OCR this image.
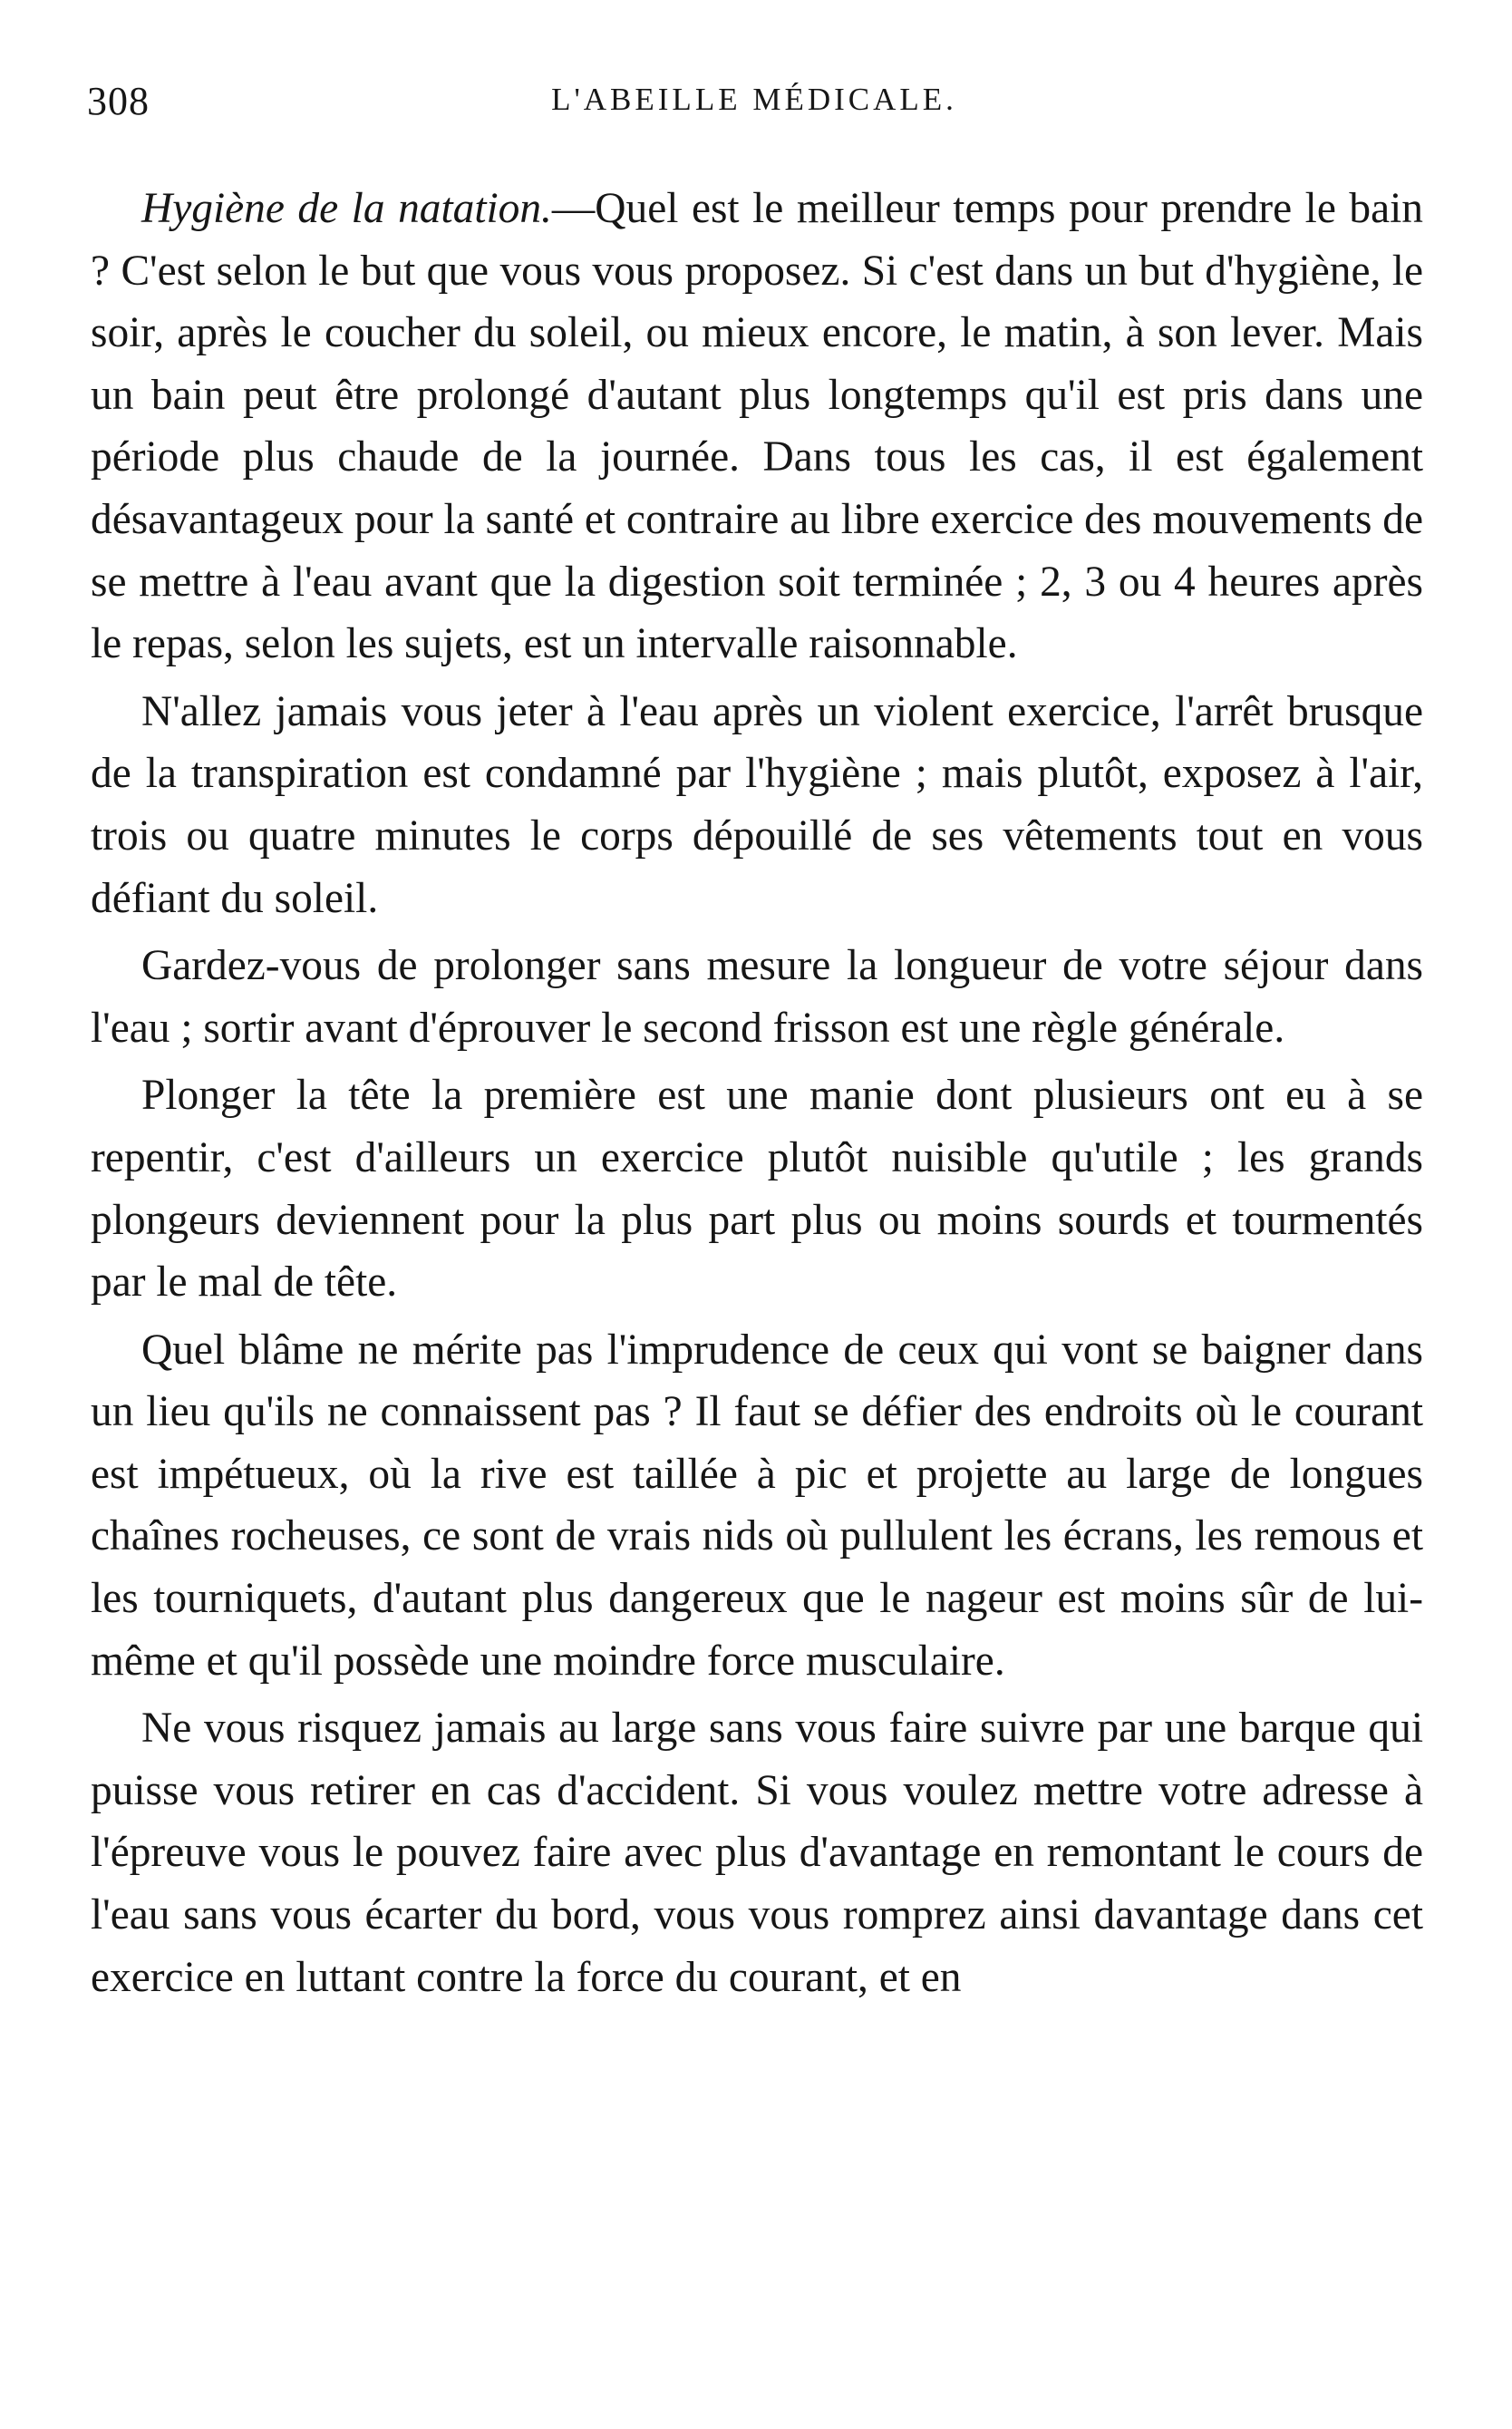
308	L'ABEILLE MÉDICALE.

Hygiène de la natation.—Quel est le meilleur temps pour prendre le bain ? C'est selon le but que vous vous proposez. Si c'est dans un but d'hygiène, le soir, après le coucher du soleil, ou mieux encore, le matin, à son lever. Mais un bain peut être prolongé d'autant plus longtemps qu'il est pris dans une période plus chaude de la journée. Dans tous les cas, il est également désavantageux pour la santé et contraire au libre exercice des mouvements de se mettre à l'eau avant que la digestion soit terminée ; 2, 3 ou 4 heures après le repas, selon les sujets, est un intervalle raisonnable.

N'allez jamais vous jeter à l'eau après un violent exercice, l'arrêt brusque de la transpiration est condamné par l'hygiène ; mais plutôt, exposez à l'air, trois ou quatre minutes le corps dépouillé de ses vêtements tout en vous défiant du soleil.

Gardez-vous de prolonger sans mesure la longueur de votre séjour dans l'eau ; sortir avant d'éprouver le second frisson est une règle générale.

Plonger la tête la première est une manie dont plusieurs ont eu à se repentir, c'est d'ailleurs un exercice plutôt nuisible qu'utile ; les grands plongeurs deviennent pour la plus part plus ou moins sourds et tourmentés par le mal de tête.

Quel blâme ne mérite pas l'imprudence de ceux qui vont se baigner dans un lieu qu'ils ne connaissent pas ? Il faut se défier des endroits où le courant est impétueux, où la rive est taillée à pic et projette au large de longues chaînes rocheuses, ce sont de vrais nids où pullulent les écrans, les remous et les tourniquets, d'autant plus dangereux que le nageur est moins sûr de lui-même et qu'il possède une moindre force musculaire.

Ne vous risquez jamais au large sans vous faire suivre par une barque qui puisse vous retirer en cas d'accident. Si vous voulez mettre votre adresse à l'épreuve vous le pouvez faire avec plus d'avantage en remontant le cours de l'eau sans vous écarter du bord, vous vous romprez ainsi davantage dans cet exercice en luttant contre la force du courant, et en
